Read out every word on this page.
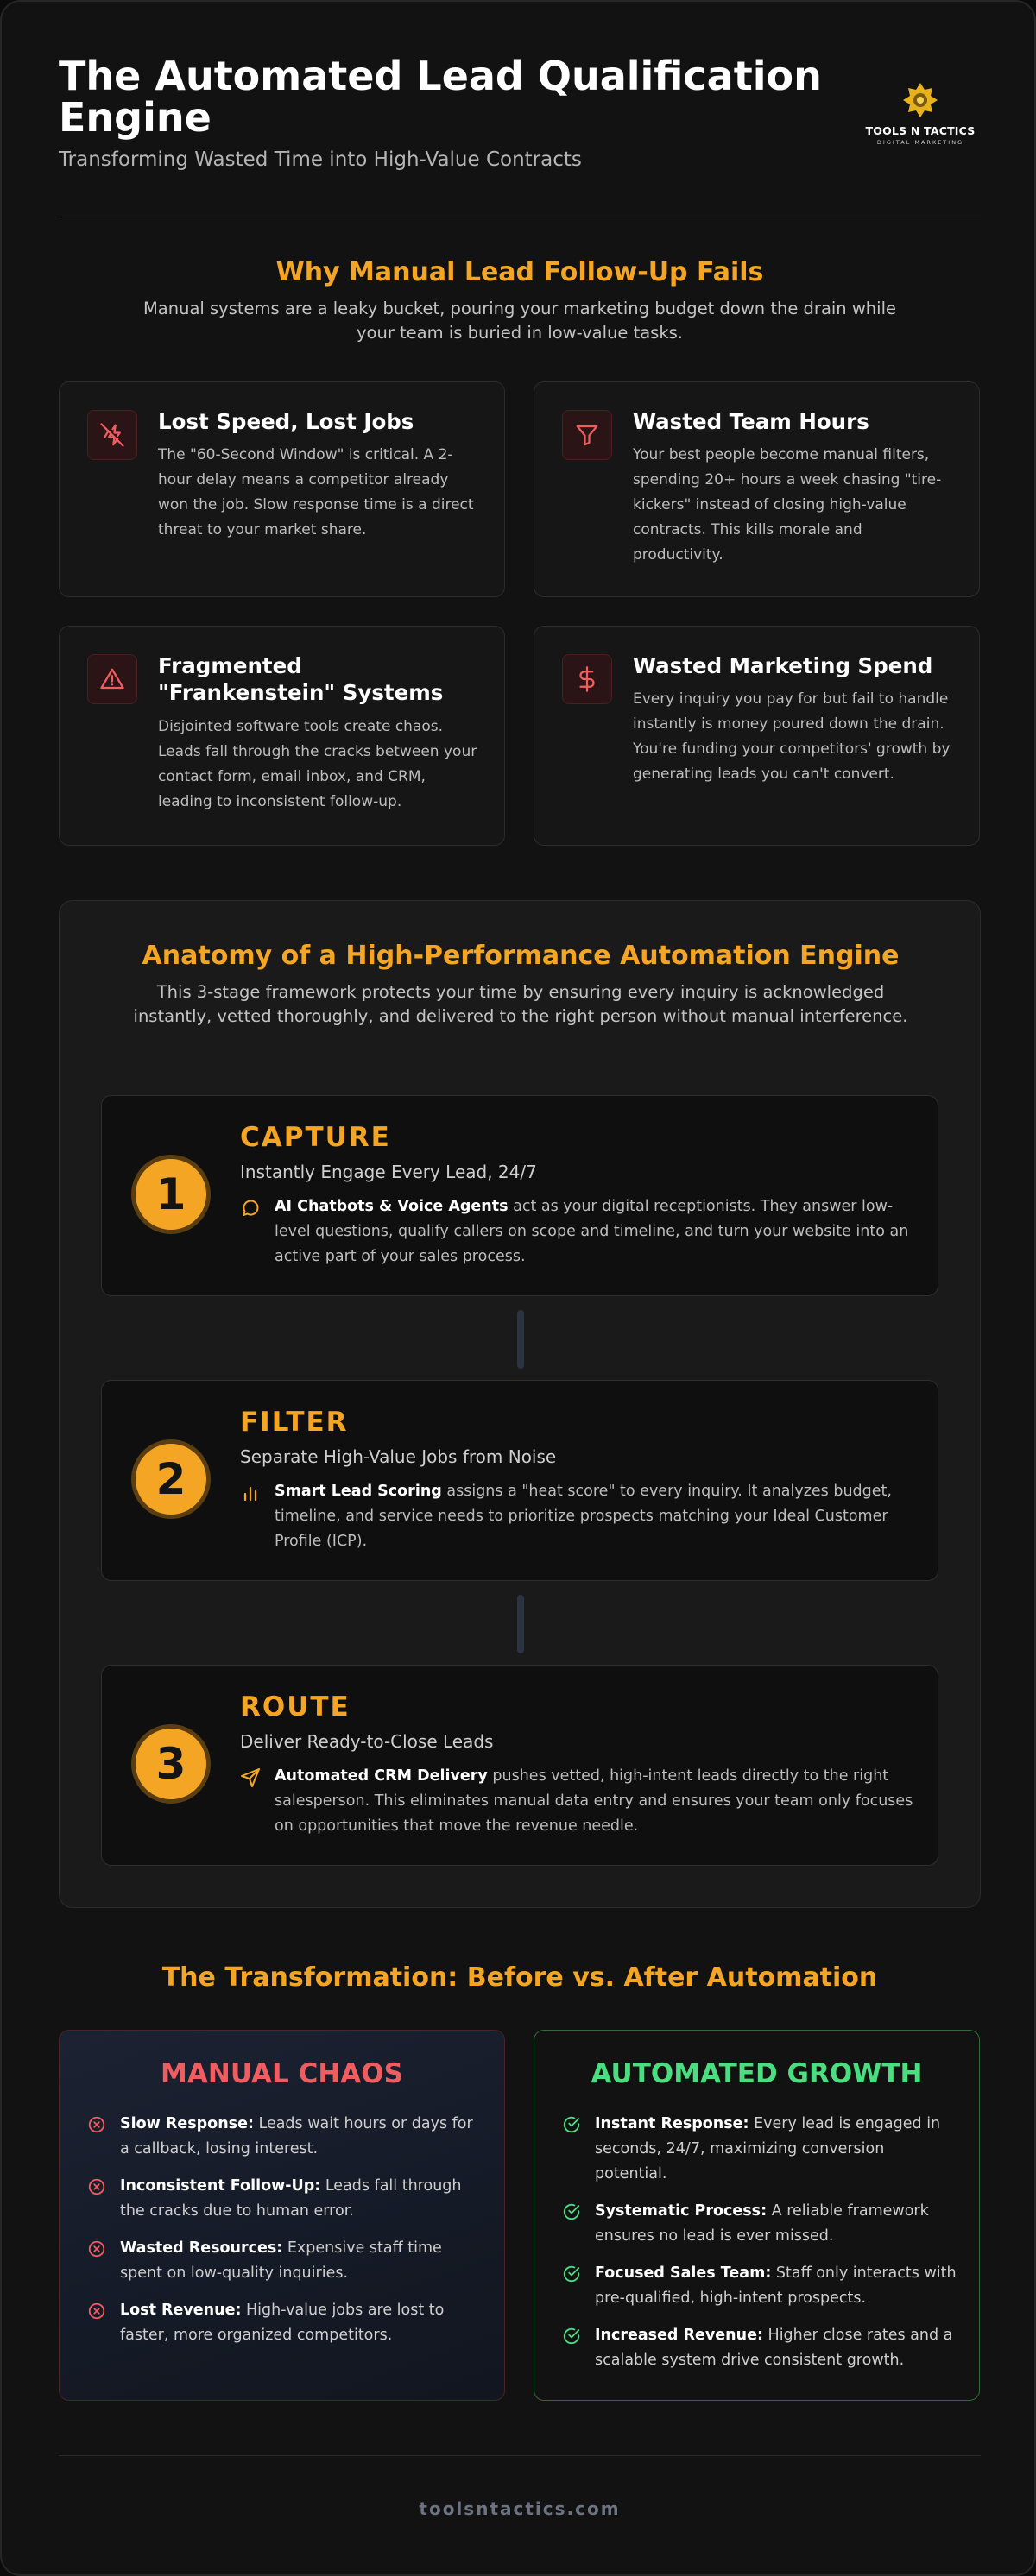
The Automated Lead Qualification Engine
Transforming Wasted Time into High-Value Contracts
TOOLS N TACTICS
DIGITAL MARKETING
Why Manual Lead Follow-Up Fails
Manual systems are a leaky bucket, pouring your marketing budget down the drain while your team is buried in low-value tasks.
Lost Speed, Lost Jobs

The "60-Second Window" is critical. A 2-hour delay means a competitor already won the job. Slow response time is a direct threat to your market share.

Wasted Team Hours

Your best people become manual filters, spending 20+ hours a week chasing "tire-kickers" instead of closing high-value contracts. This kills morale and productivity.

Fragmented "Frankenstein" Systems

Disjointed software tools create chaos. Leads fall through the cracks between your contact form, email inbox, and CRM, leading to inconsistent follow-up.

Wasted Marketing Spend

Every inquiry you pay for but fail to handle instantly is money poured down the drain. You're funding your competitors' growth by generating leads you can't convert.

Anatomy of a High-Performance Automation Engine
This 3-stage framework protects your time by ensuring every inquiry is acknowledged instantly, vetted thoroughly, and delivered to the right person without manual interference.
1
CAPTURE
Instantly Engage Every Lead, 24/7
AI Chatbots & Voice Agents act as your digital receptionists. They answer low-level questions, qualify callers on scope and timeline, and turn your website into an active part of your sales process.
2
FILTER
Separate High-Value Jobs from Noise
Smart Lead Scoring assigns a "heat score" to every inquiry. It analyzes budget, timeline, and service needs to prioritize prospects matching your Ideal Customer Profile (ICP).
3
ROUTE
Deliver Ready-to-Close Leads
Automated CRM Delivery pushes vetted, high-intent leads directly to the right salesperson. This eliminates manual data entry and ensures your team only focuses on opportunities that move the revenue needle.
The Transformation: Before vs. After Automation
MANUAL CHAOS
Slow Response: Leads wait hours or days for a callback, losing interest.
Inconsistent Follow-Up: Leads fall through the cracks due to human error.
Wasted Resources: Expensive staff time spent on low-quality inquiries.
Lost Revenue: High-value jobs are lost to faster, more organized competitors.
AUTOMATED GROWTH
Instant Response: Every lead is engaged in seconds, 24/7, maximizing conversion potential.
Systematic Process: A reliable framework ensures no lead is ever missed.
Focused Sales Team: Staff only interacts with pre-qualified, high-intent prospects.
Increased Revenue: Higher close rates and a scalable system drive consistent growth.
toolsntactics.com
